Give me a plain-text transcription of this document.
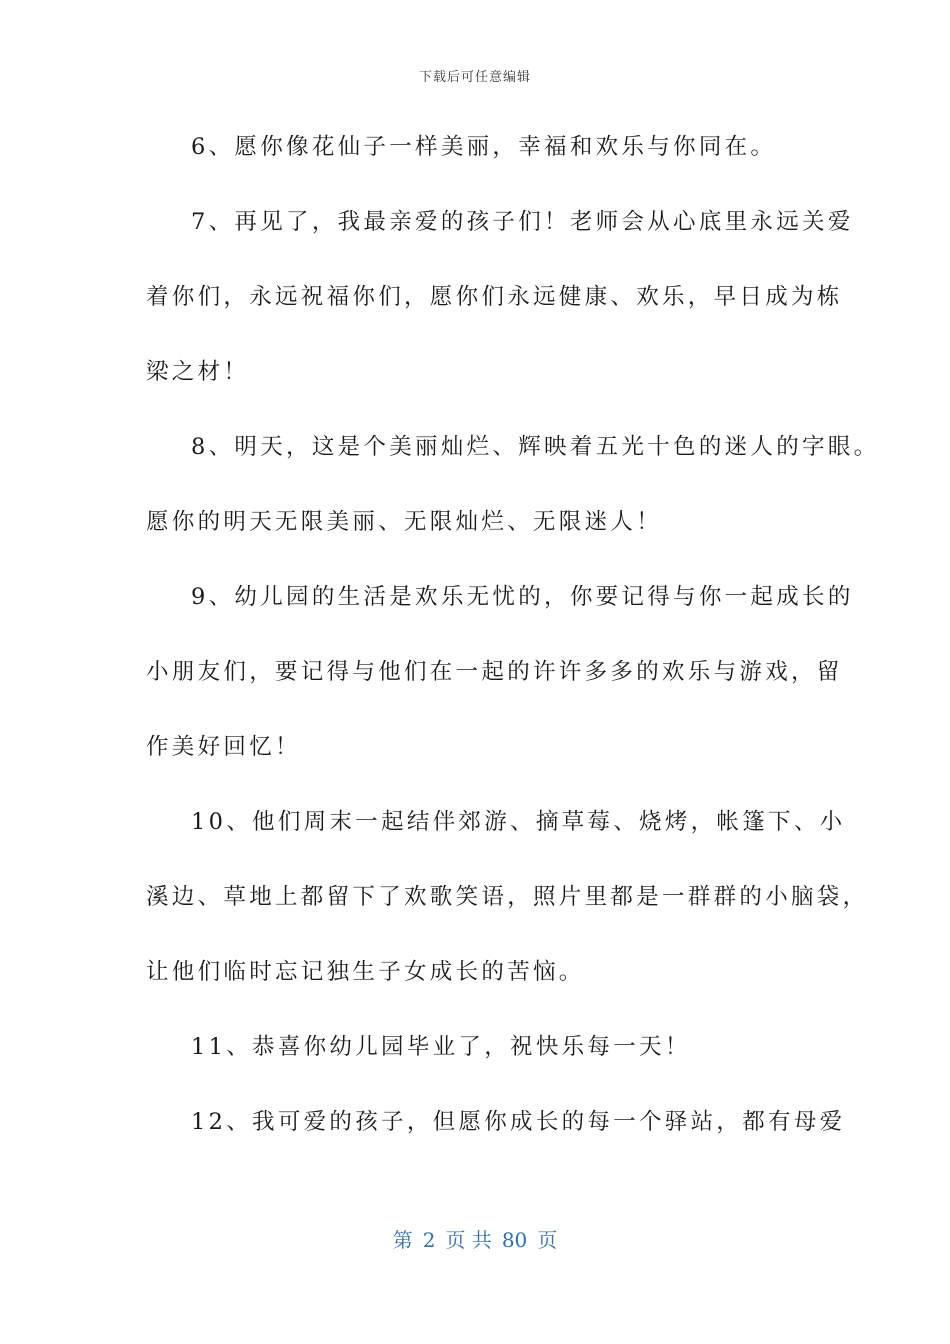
下载后可任意编辑
6、愿你像花仙子一样美丽，幸福和欢乐与你同在。
7、再见了，我最亲爱的孩子们！老师会从心底里永远关爱
着你们，永远祝福你们，愿你们永远健康、欢乐，早日成为栋
梁之材！
8、明天，这是个美丽灿烂、辉映着五光十色的迷人的字眼。
愿你的明天无限美丽、无限灿烂、无限迷人！
9、幼儿园的生活是欢乐无忧的，你要记得与你一起成长的
小朋友们，要记得与他们在一起的许许多多的欢乐与游戏，留
作美好回忆！
10、他们周末一起结伴郊游、摘草莓、烧烤，帐篷下、小
溪边、草地上都留下了欢歌笑语，照片里都是一群群的小脑袋，
让他们临时忘记独生子女成长的苦恼。
11、恭喜你幼儿园毕业了，祝快乐每一天！
12、我可爱的孩子，但愿你成长的每一个驿站，都有母爱
第 2 页 共 80 页
